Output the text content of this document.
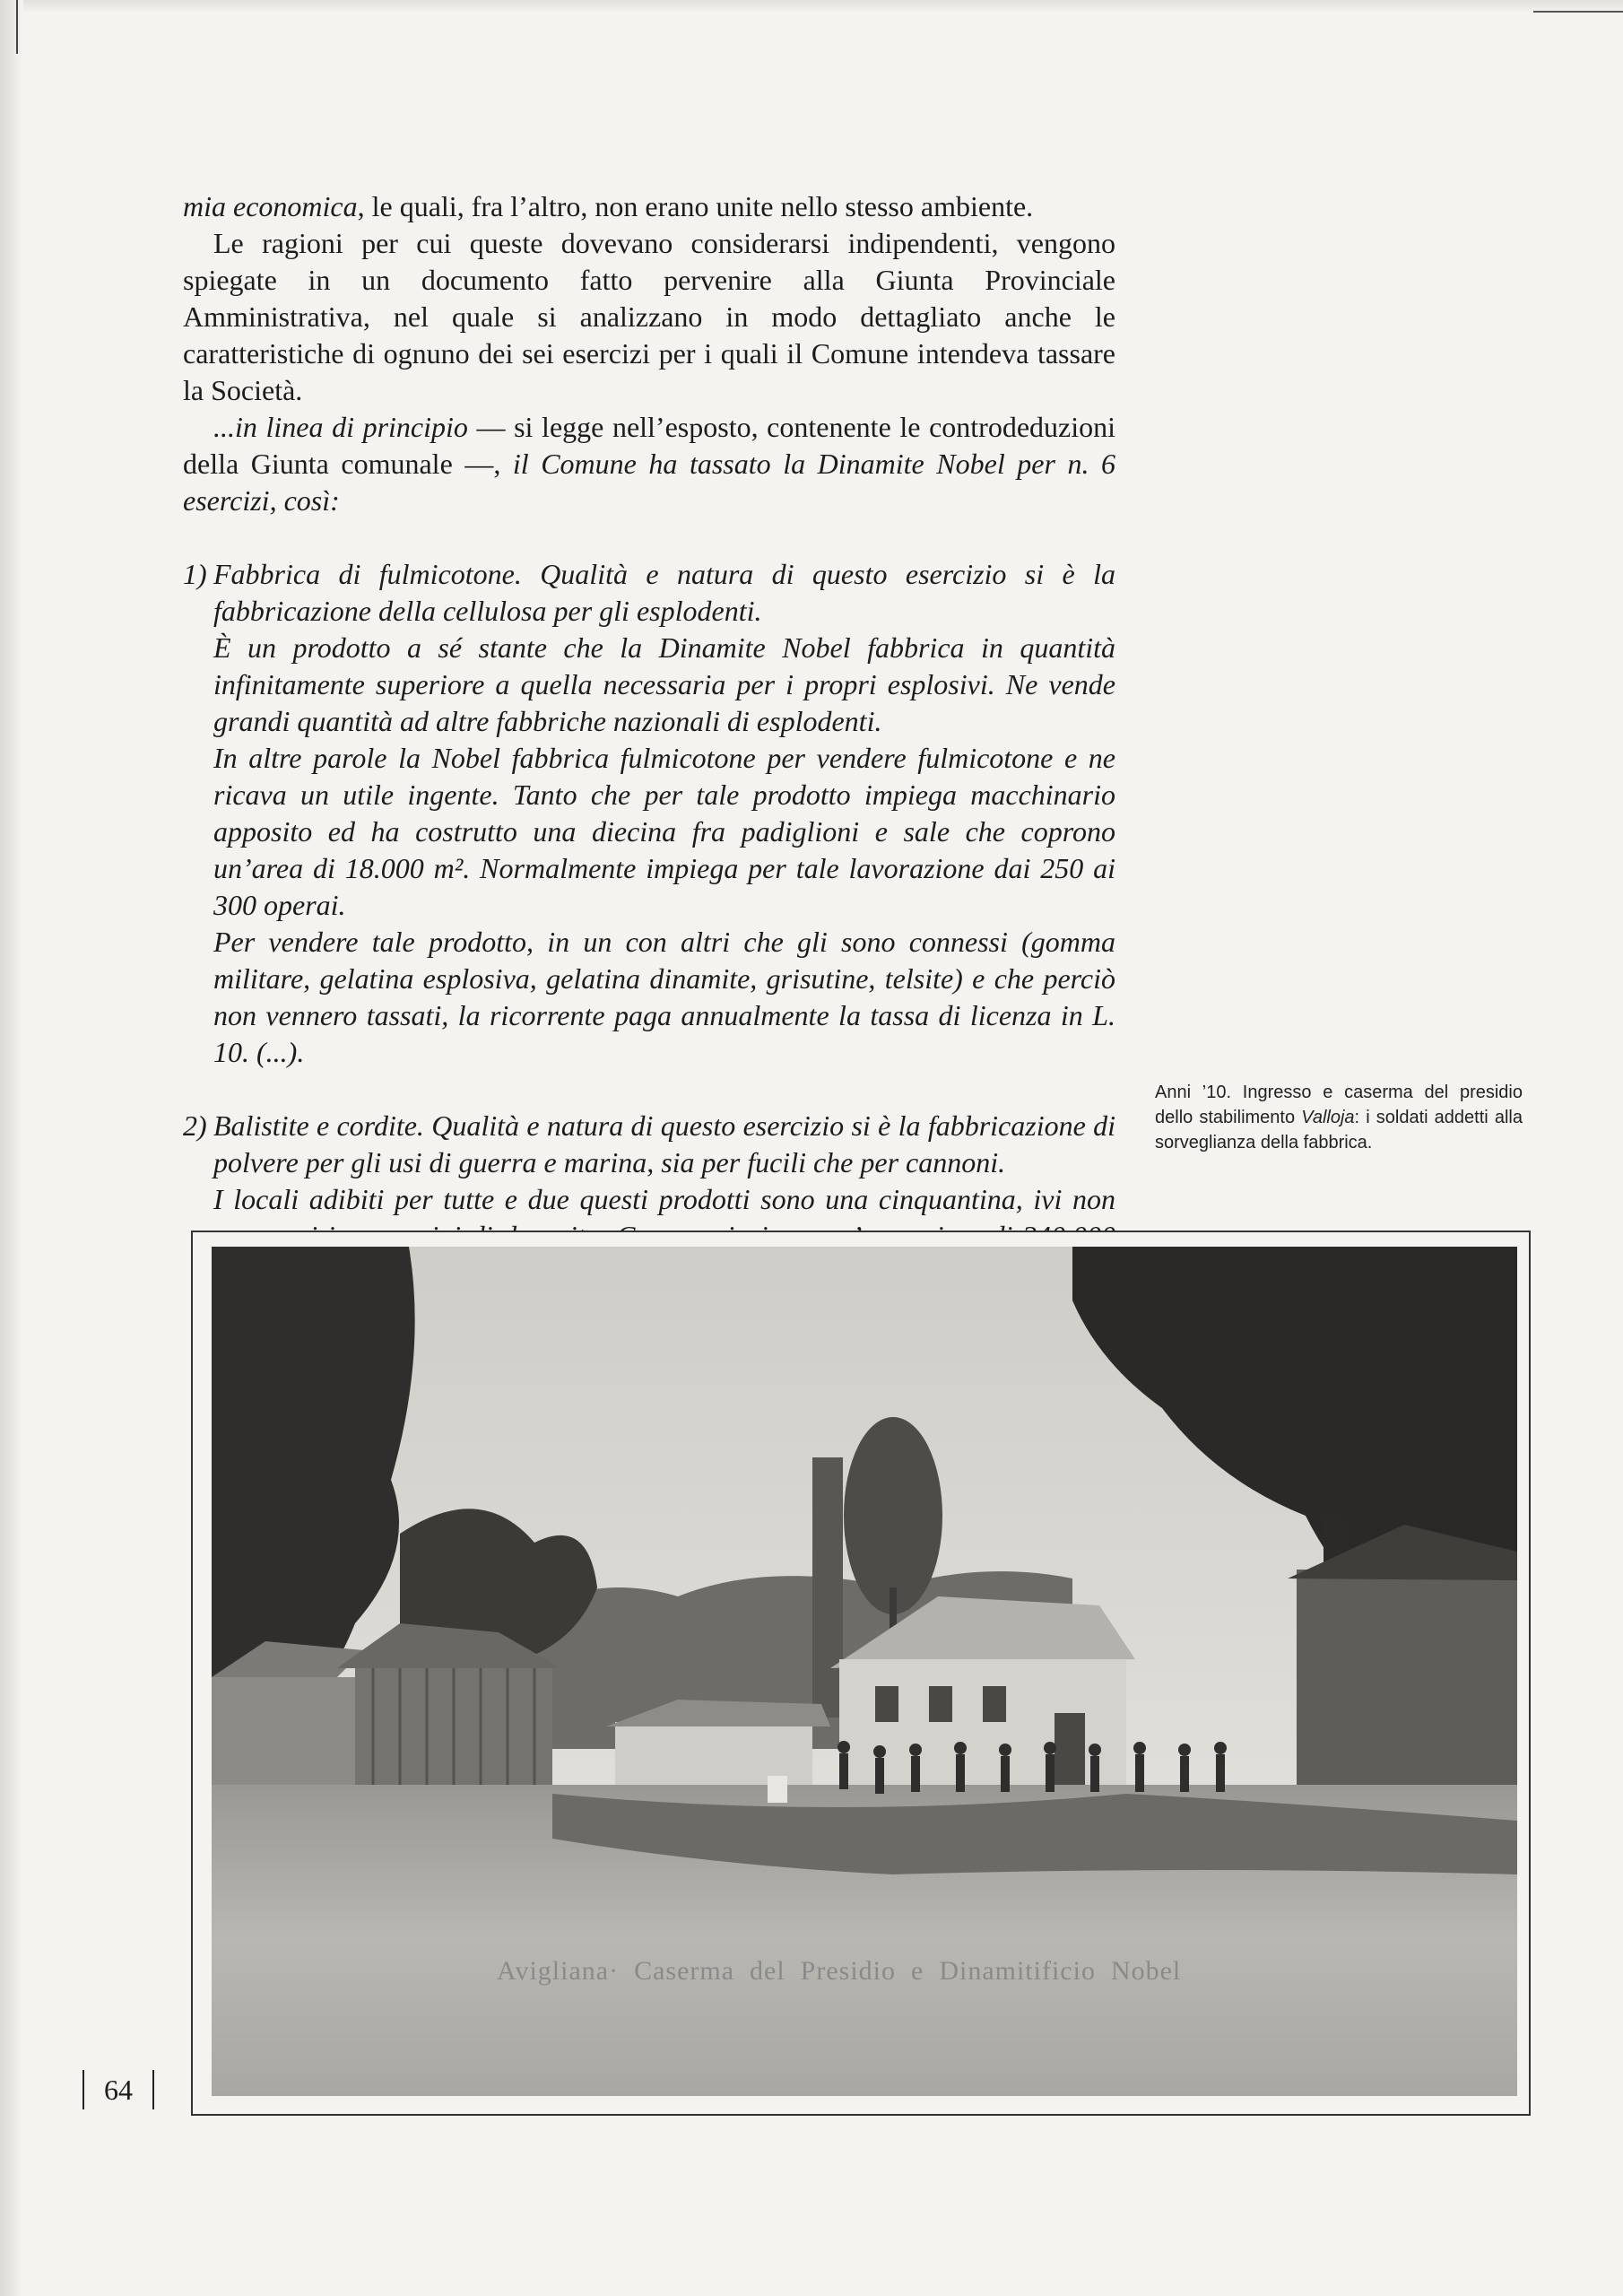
mia economica, le quali, fra l’altro, non erano unite nello stesso ambiente.

Le ragioni per cui queste dovevano considerarsi indipendenti, vengono spiegate in un documento fatto pervenire alla Giunta Provinciale Amministrativa, nel quale si analizzano in modo dettagliato anche le caratteristiche di ognuno dei sei esercizi per i quali il Comune intendeva tassare la Società.

...in linea di principio — si legge nell’esposto, contenente le controdeduzioni della Giunta comunale —, il Comune ha tassato la Dinamite Nobel per n. 6 esercizi, così:

1) Fabbrica di fulmicotone. Qualità e natura di questo esercizio si è la fabbricazione della cellulosa per gli esplodenti.

È un prodotto a sé stante che la Dinamite Nobel fabbrica in quantità infinitamente superiore a quella necessaria per i propri esplosivi. Ne vende grandi quantità ad altre fabbriche nazionali di esplodenti.

In altre parole la Nobel fabbrica fulmicotone per vendere fulmicotone e ne ricava un utile ingente. Tanto che per tale prodotto impiega macchinario apposito ed ha costrutto una diecina fra padiglioni e sale che coprono un’area di 18.000 m². Normalmente impiega per tale lavorazione dai 250 ai 300 operai.

Per vendere tale prodotto, in un con altri che gli sono connessi (gomma militare, gelatina esplosiva, gelatina dinamite, grisutine, telsite) e che perciò non vennero tassati, la ricorrente paga annualmente la tassa di licenza in L. 10. (...).

2) Balistite e cordite. Qualità e natura di questo esercizio si è la fabbricazione di polvere per gli usi di guerra e marina, sia per fucili che per cannoni.

I locali adibiti per tutte e due questi prodotti sono una cinquantina, ivi non

Anni ’10. Ingresso e caserma del presidio dello stabilimento Valloja: i soldati addetti alla sorveglianza della fabbrica.
Avigliana·  Caserma  del  Presidio  e  Dinamitificio  Nobel
64
